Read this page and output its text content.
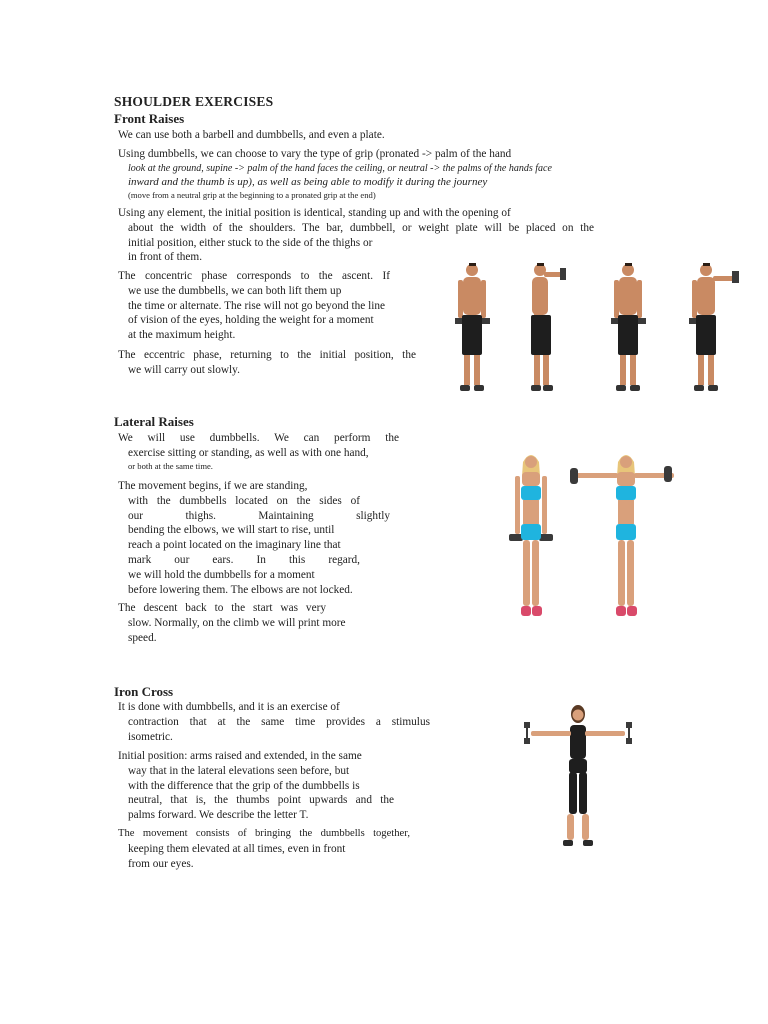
SHOULDER EXERCISES
Front Raises
We can use both a barbell and dumbbells, and even a plate.
Using dumbbells, we can choose to vary the type of grip (pronated -> palm of the hand
look at the ground, supine -> palm of the hand faces the ceiling, or neutral -> the palms of the hands face
inward and the thumb is up), as well as being able to modify it during the journey
(move from a neutral grip at the beginning to a pronated grip at the end)
Using any element, the initial position is identical, standing up and with the opening of
about the width of the shoulders. The bar, dumbbell, or weight plate will be placed on the
initial position, either stuck to the side of the thighs or
in front of them.
The concentric phase corresponds to the ascent. If
we use the dumbbells, we can both lift them up
the time or alternate. The rise will not go beyond the line
of vision of the eyes, holding the weight for a moment
at the maximum height.
The eccentric phase, returning to the initial position, the
we will carry out slowly.
Lateral Raises
We will use dumbbells. We can perform the
exercise sitting or standing, as well as with one hand,
or both at the same time.
The movement begins, if we are standing,
with the dumbbells located on the sides of
our thighs. Maintaining slightly
bending the elbows, we will start to rise, until
reach a point located on the imaginary line that
mark our ears. In this regard,
we will hold the dumbbells for a moment
before lowering them. The elbows are not locked.
The descent back to the start was very
slow. Normally, on the climb we will print more
speed.
Iron Cross
It is done with dumbbells, and it is an exercise of
contraction that at the same time provides a stimulus
isometric.
Initial position: arms raised and extended, in the same
way that in the lateral elevations seen before, but
with the difference that the grip of the dumbbells is
neutral, that is, the thumbs point upwards and the
palms forward. We describe the letter T.
The movement consists of bringing the dumbbells together,
keeping them elevated at all times, even in front
from our eyes.
